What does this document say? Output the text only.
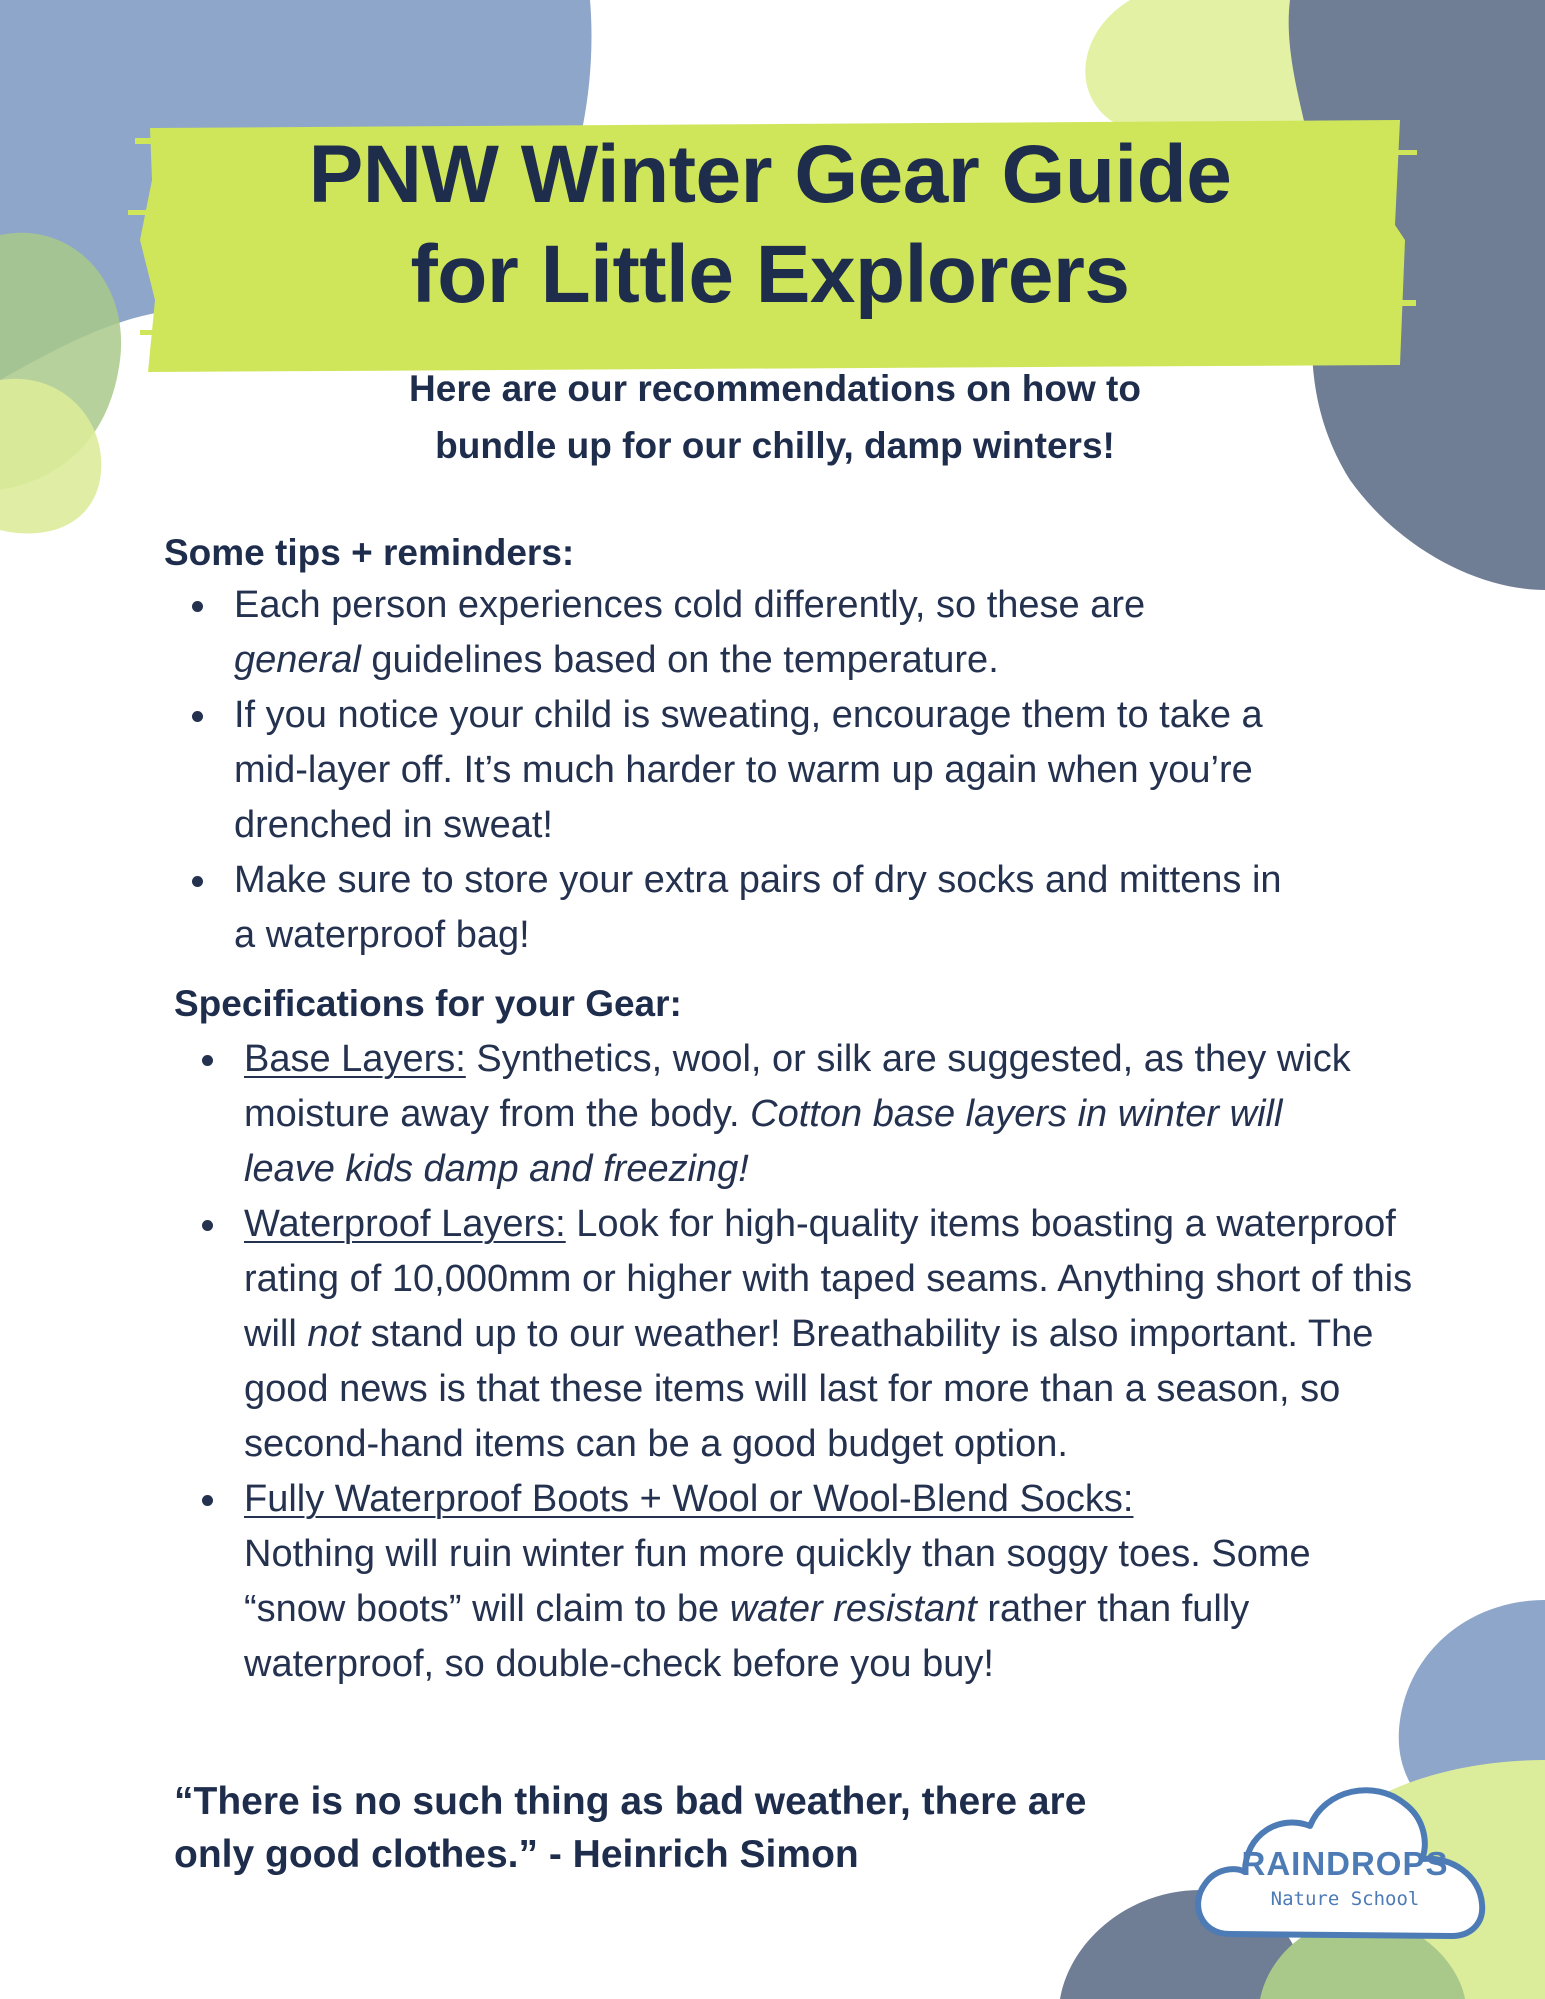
PNW Winter Gear Guide
for Little Explorers
Here are our recommendations on how to
bundle up for our chilly, damp winters!
Some tips + reminders:
Each person experiences cold differently, so these are
general guidelines based on the temperature.
If you notice your child is sweating, encourage them to take a mid-layer off. It’s much harder to warm up again when you’re drenched in sweat!
Make sure to store your extra pairs of dry socks and mittens in a waterproof bag!
Specifications for your Gear:
Base Layers: Synthetics, wool, or silk are suggested, as they wick moisture away from the body. Cotton base layers in winter will leave kids damp and freezing!
Waterproof Layers: Look for high-quality items boasting a waterproof rating of 10,000mm or higher with taped seams. Anything short of this will not stand up to our weather! Breathability is also important. The good news is that these items will last for more than a season, so second-hand items can be a good budget option.
Fully Waterproof Boots + Wool or Wool-Blend Socks:
Nothing will ruin winter fun more quickly than soggy toes. Some “snow boots” will claim to be water resistant rather than fully waterproof, so double-check before you buy!
“There is no such thing as bad weather, there are
only good clothes.” - Heinrich Simon	RAINDROPS
Nature School
